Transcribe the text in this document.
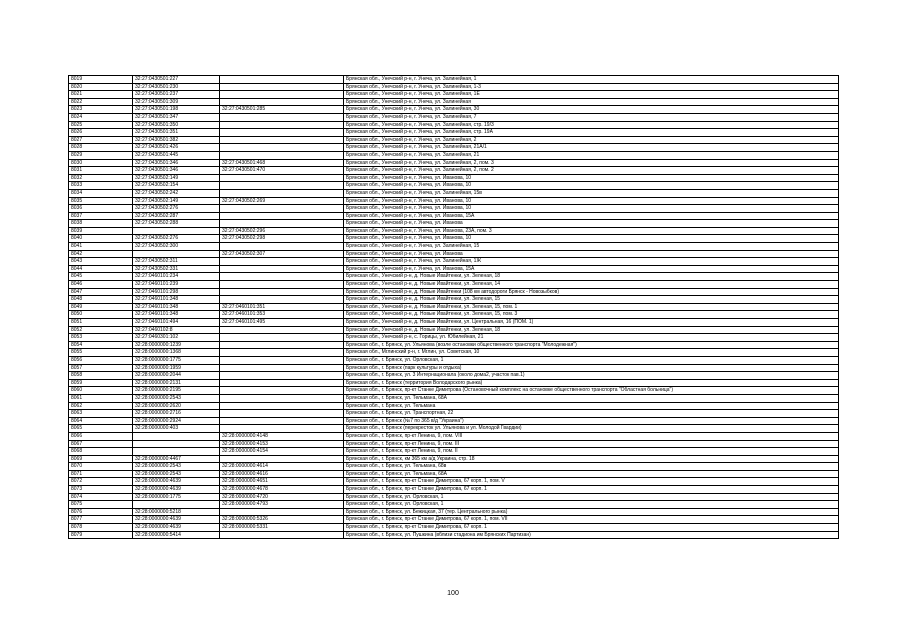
8019	32:27:0430501:227		Брянская обл., Унечский р-н, г. Унеча, ул. Залинейная, 1
8020	32:27:0430501:230		Брянская обл., Унечский р-н, г. Унеча, ул. Залинейная, 1-3
8021	32:27:0430501:237		Брянская обл., Унечский р-н, г. Унеча, ул. Залинейная, 1Е
8022	32:27:0430501:309		Брянская обл., Унечский р-н, г. Унеча, ул. Залинейная
8023	32:27:0430501:198	32:27:0430501:285	Брянская обл., Унечский р-н, г. Унеча, ул. Залинейная, 30
8024	32:27:0430501:347		Брянская обл., Унечский р-н, г. Унеча, ул. Залинейная, 7
8025	32:27:0430501:350		Брянская обл., Унечский р-н, г. Унеча, ул. Залинейная, стр. 19/3
8026	32:27:0430501:351		Брянская обл., Унечский р-н, г. Унеча, ул. Залинейная, стр. 19А
8027	32:27:0430501:382		Брянская обл., Унечский р-н, г. Унеча, ул. Залинейная, 2
8028	32:27:0430501:426		Брянская обл., Унечский р-н, г. Унеча, ул. Залинейная, 21А/1
8029	32:27:0430501:445		Брянская обл., Унечский р-н, г. Унеча, ул. Залинейная, 21
8030	32:27:0430501:346	32:27:0430501:468	Брянская обл., Унечский р-н, г. Унеча, ул. Залинейная, 2, пом. 3
8031	32:27:0430501:346	32:27:0430501:470	Брянская обл., Унечский р-н, г. Унеча, ул. Залинейная, 2, пом. 2
8032	32:27:0430502:149		Брянская обл., Унечский р-н, г. Унеча, ул. Иванова, 10
8033	32:27:0430502:154		Брянская обл., Унечский р-н, г. Унеча, ул. Иванова, 10
8034	32:27:0430502:242		Брянская обл., Унечский р-н, г. Унеча, ул. Залинейная, 15в
8035	32:27:0430502:149	32:27:0430502:269	Брянская обл., Унечский р-н, г. Унеча, ул. Иванова, 10
8036	32:27:0430502:276		Брянская обл., Унечский р-н, г. Унеча, ул. Иванова, 10
8037	32:27:0430502:287		Брянская обл., Унечский р-н, г. Унеча, ул. Иванова, 15А
8038	32:27:0430502:288		Брянская обл., Унечский р-н, г. Унеча, ул. Иванова
8039		32:27:0430502:296	Брянская обл., Унечский р-н, г. Унеча, ул. Иванова, 23А, пом. 3
8040	32:27:0430502:276	32:27:0430502:298	Брянская обл., Унечский р-н, г. Унеча, ул. Иванова, 10
8041	32:27:0430502:300		Брянская обл., Унечский р-н, г. Унеча, ул. Залинейная, 15
8042		32:27:0430502:307	Брянская обл., Унечский р-н, г. Унеча, ул. Иванова
8043	32:27:0430502:311		Брянская обл., Унечский р-н, г. Унеча, ул. Залинейная, 1Ж
8044	32:27:0430502:331		Брянская обл., Унечский р-н, г. Унеча, ул. Иванова, 15А
8045	32:27:0460101:234		Брянская обл., Унечский р-н, д. Новые Ивайтенки, ул. Зеленая, 18
8046	32:27:0460101:239		Брянская обл., Унечский р-н, д. Новые Ивайтенки, ул. Зеленая, 14
8047	32:27:0460101:298		Брянская обл., Унечский р-н, д. Новые Ивайтенки (108 км автодороги Брянск - Новозыбков)
8048	32:27:0460101:348		Брянская обл., Унечский р-н, д. Новые Ивайтенки, ул. Зеленая, 15
8049	32:27:0460101:348	32:27:0460101:351	Брянская обл., Унечский р-н, д. Новые Ивайтенки, ул. Зеленая, 15, пом. 1
8050	32:27:0460101:348	32:27:0460101:353	Брянская обл., Унечский р-н, д. Новые Ивайтенки, ул. Зеленая, 15, пом. 3
8051	32:27:0460101:494	32:27:0460101:495	Брянская обл., Унечский р-н, д. Новые Ивайтенки, ул. Центральная, 16 (ПОМ. 1)
8052	32:27:0460102:8		Брянская обл., Унечский р-н, д. Новые Ивайтенки, ул. Зеленая, 18
8053	32:27:0460301:102		Брянская обл., Унечский р-н, с. Горицы, ул. Юбилейная, 21
8054	32:28:0000000:1239		Брянская обл., г. Брянск, ул. Ульянова (возле остановки общественного транспорта "Молодежная")
8055	32:28:0000000:1368		Брянская обл., Мглинский р-н, г. Мглин, ул. Советская, 10
8056	32:28:0000000:1775		Брянская обл., г. Брянск, ул. Орловская, 1
8057	32:28:0000000:1959		Брянская обл., г. Брянск (парк культуры и отдыха)
8058	32:28:0000000:2044		Брянская обл., г. Брянск, ул. 3 Интернационала (около дома2, участок пав.1)
8059	32:28:0000000:2131		Брянская обл., г. Брянск (территория Володарского рынка)
8060	32:28:0000000:2195		Брянская обл., г. Брянск, пр-кт Станке Димитрова (Остановочный комплекс на остановке общественного транспорта "Областная больница")
8061	32:28:0000000:2543		Брянская обл., г. Брянск, ул. Тельмана, 68А
8062	32:28:0000000:2620		Брянская обл., г. Брянск, ул. Тельмана
8063	32:28:0000000:2716		Брянская обл., г. Брянск, ул. Транспортная, 22
8064	32:28:0000000:2924		Брянская обл., г. Брянск (№7 по 365 в/д "Украина")
8065	32:28:0000000:403		Брянская обл., г. Брянск (перекресток ул. Ульянова и ул. Молодой Гвардии)
8066		32:28:0000000:4148	Брянская обл., г. Брянск, пр-кт Ленина, 9, пом. VIII
8067		32:28:0000000:4153	Брянская обл., г. Брянск, пр-кт Ленина, 9, пом. III
8068		32:28:0000000:4154	Брянская обл., г. Брянск, пр-кт Ленина, 9, пом. II
8069	32:28:0000000:4467		Брянская обл., г. Брянск, км 365 км а/д Украина, стр. 18
8070	32:28:0000000:2543	32:28:0000000:4614	Брянская обл., г. Брянск, ул. Тельмана, 68в
8071	32:28:0000000:2543	32:28:0000000:4616	Брянская обл., г. Брянск, ул. Тельмана, 68А
8072	32:28:0000000:4639	32:28:0000000:4651	Брянская обл., г. Брянск, пр-кт Станке Димитрова, 67 корп. 1, пом. V
8073	32:28:0000000:4639	32:28:0000000:4678	Брянская обл., г. Брянск, пр-кт Станке Димитрова, 67 корп. 1
8074	32:28:0000000:1775	32:28:0000000:4720	Брянская обл., г. Брянск, ул. Орловская, 1
8075		32:28:0000000:4793	Брянская обл., г. Брянск, ул. Орловская, 1
8076	32:28:0000000:5218		Брянская обл., г. Брянск, ул. Бежицкая, 37 (тер. Центрального рынка)
8077	32:28:0000000:4639	32:28:0000000:5326	Брянская обл., г. Брянск, пр-кт Станке Димитрова, 67 корп. 1, пом. VII
8078	32:28:0000000:4639	32:28:0000000:5331	Брянская обл., г. Брянск, пр-кт Станке Димитрова, 67 корп. 1
8079	32:28:0000000:5414		Брянская обл., г. Брянск, ул. Пушкина (вблизи стадиона им Брянских Партизан)
100
